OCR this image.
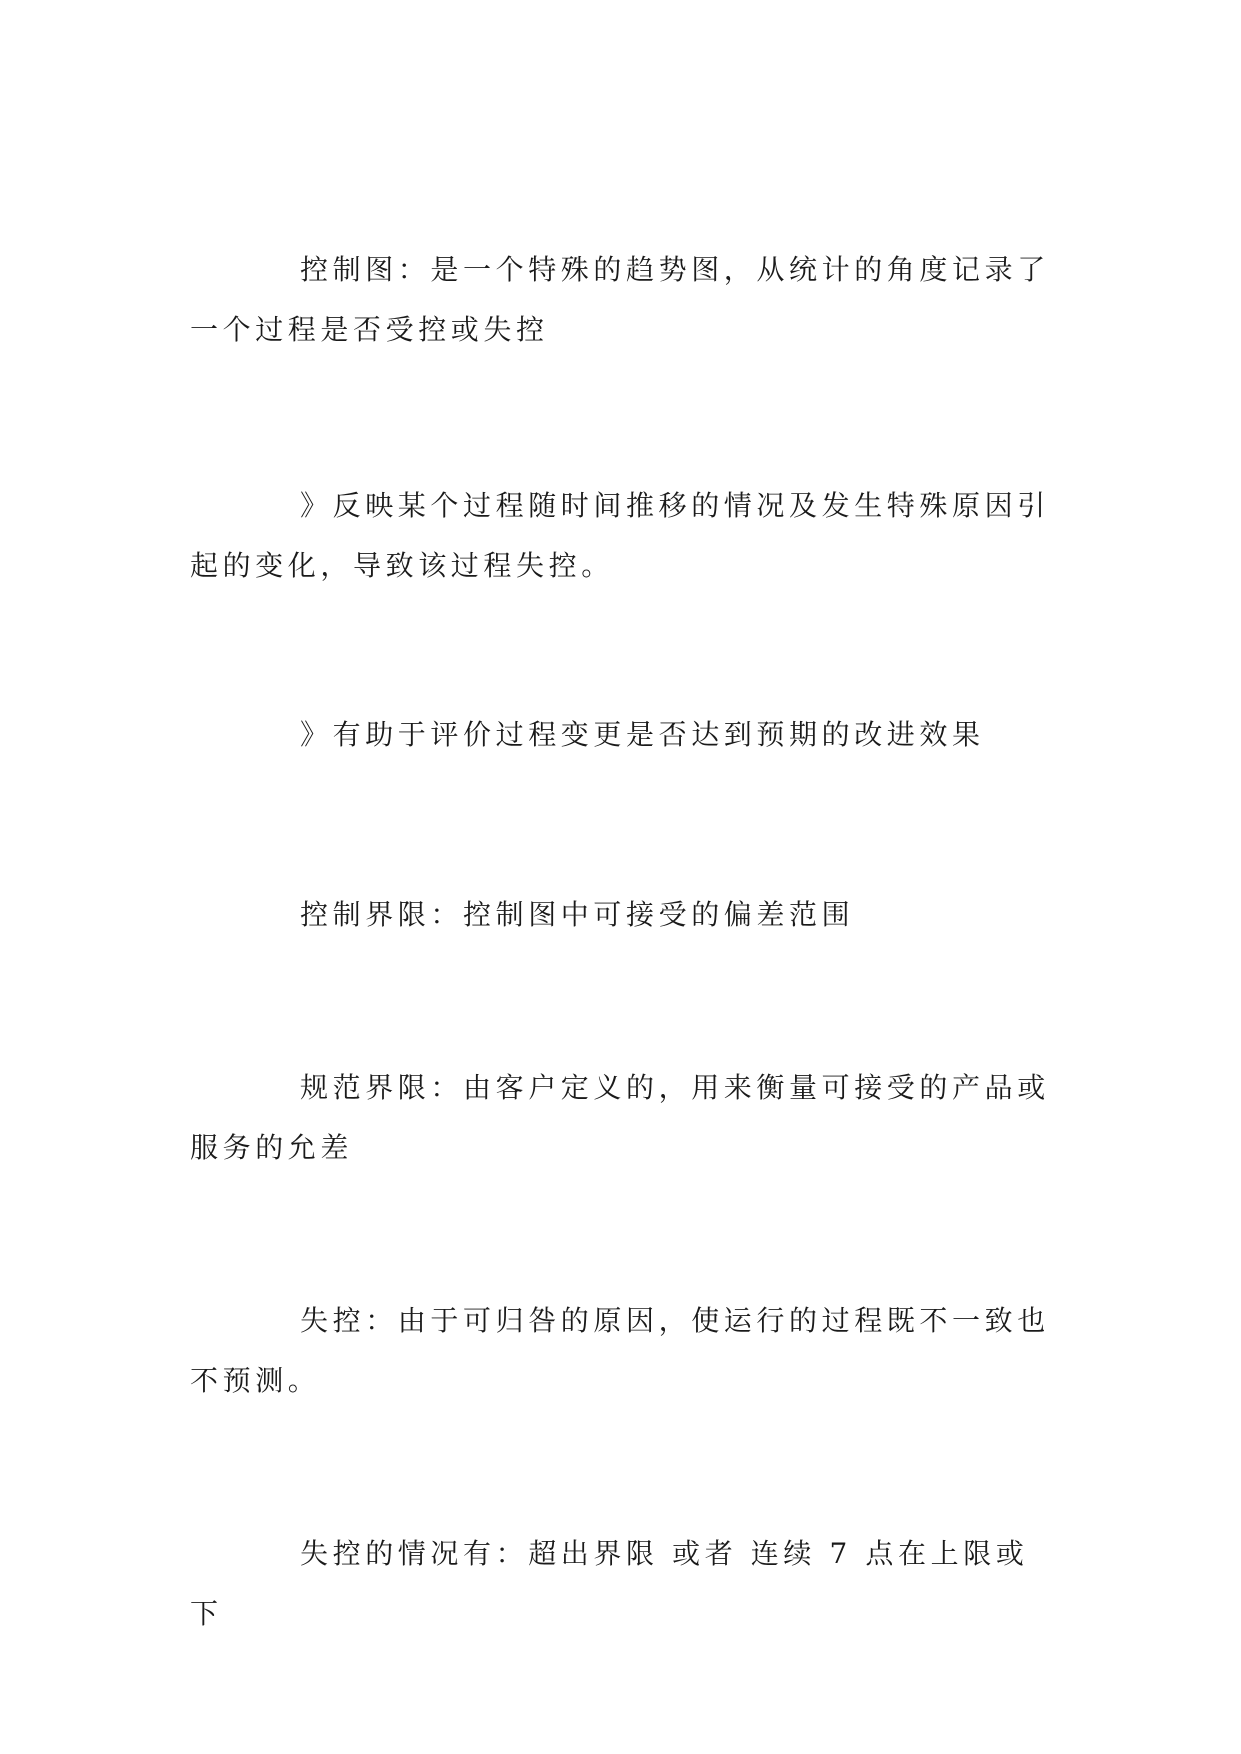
控制图：是一个特殊的趋势图，从统计的角度记录了一个过程是否受控或失控

》反映某个过程随时间推移的情况及发生特殊原因引起的变化，导致该过程失控。

》有助于评价过程变更是否达到预期的改进效果

控制界限：控制图中可接受的偏差范围

规范界限：由客户定义的，用来衡量可接受的产品或服务的允差

失控：由于可归咎的原因，使运行的过程既不一致也不预测。

失控的情况有：超出界限 或者 连续 7 点在上限或下
